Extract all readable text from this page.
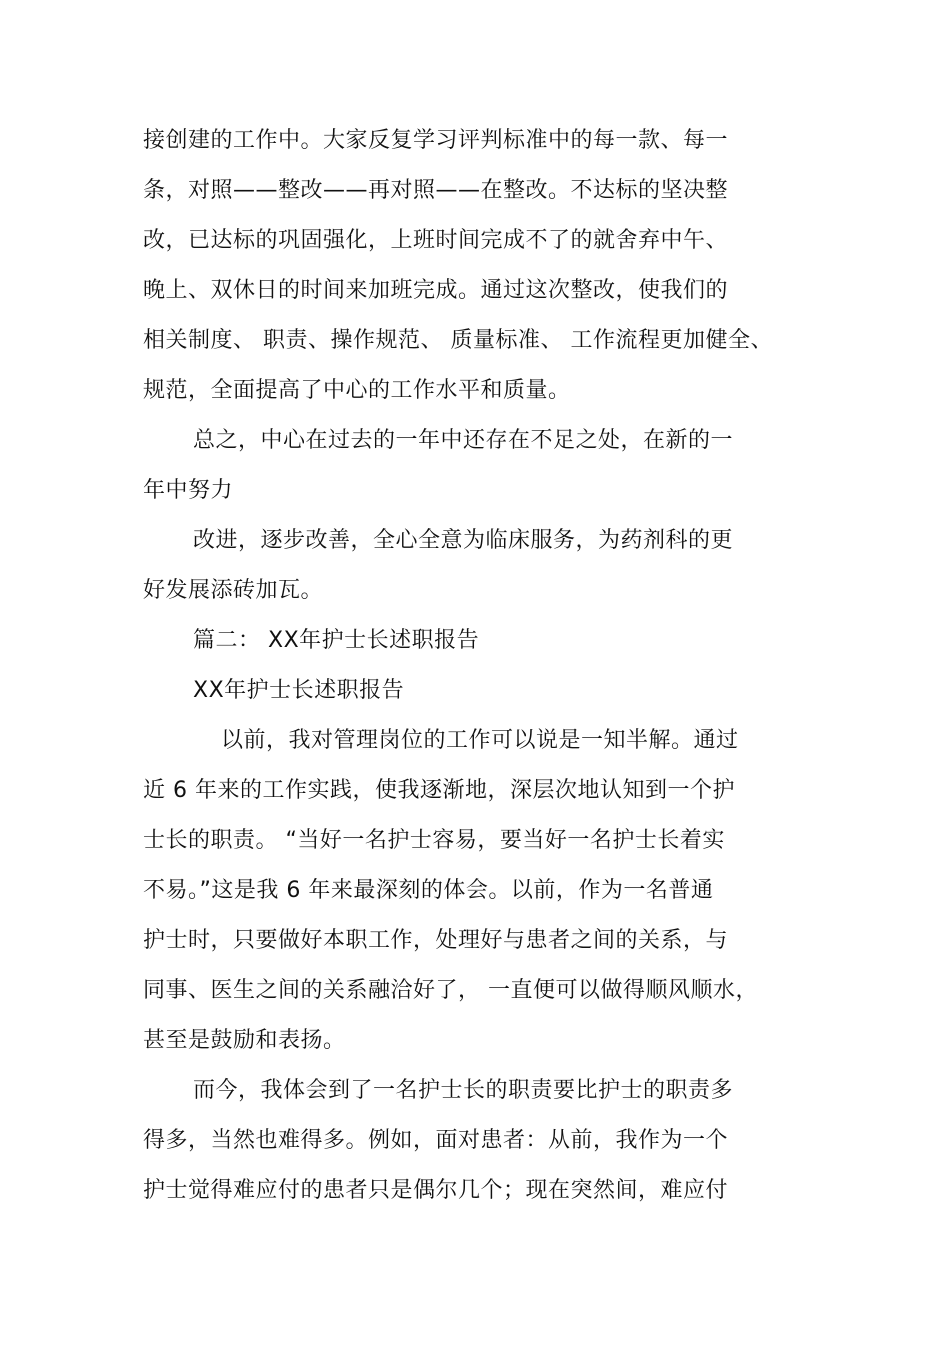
接创建的工作中。大家反复学习评判标准中的每一款、每一
条，对照——整改——再对照——在整改。不达标的坚决整
改，已达标的巩固强化，上班时间完成不了的就舍弃中午、
晚上、双休日的时间来加班完成。通过这次整改，使我们的
相关制度、 职责、操作规范、 质量标准、 工作流程更加健全、
规范，全面提高了中心的工作水平和质量。
总之，中心在过去的一年中还存在不足之处，在新的一
年中努力
改进，逐步改善，全心全意为临床服务，为药剂科的更
好发展添砖加瓦。
篇二： XX年护士长述职报告
XX年护士长述职报告
以前，我对管理岗位的工作可以说是一知半解。通过
近 6 年来的工作实践，使我逐渐地，深层次地认知到一个护
士长的职责。 “当好一名护士容易，要当好一名护士长着实
不易。”这是我 6 年来最深刻的体会。以前，作为一名普通
护士时，只要做好本职工作，处理好与患者之间的关系，与
同事、医生之间的关系融洽好了， 一直便可以做得顺风顺水，
甚至是鼓励和表扬。
而今，我体会到了一名护士长的职责要比护士的职责多
得多，当然也难得多。例如，面对患者：从前，我作为一个
护士觉得难应付的患者只是偶尔几个；现在突然间，难应付
